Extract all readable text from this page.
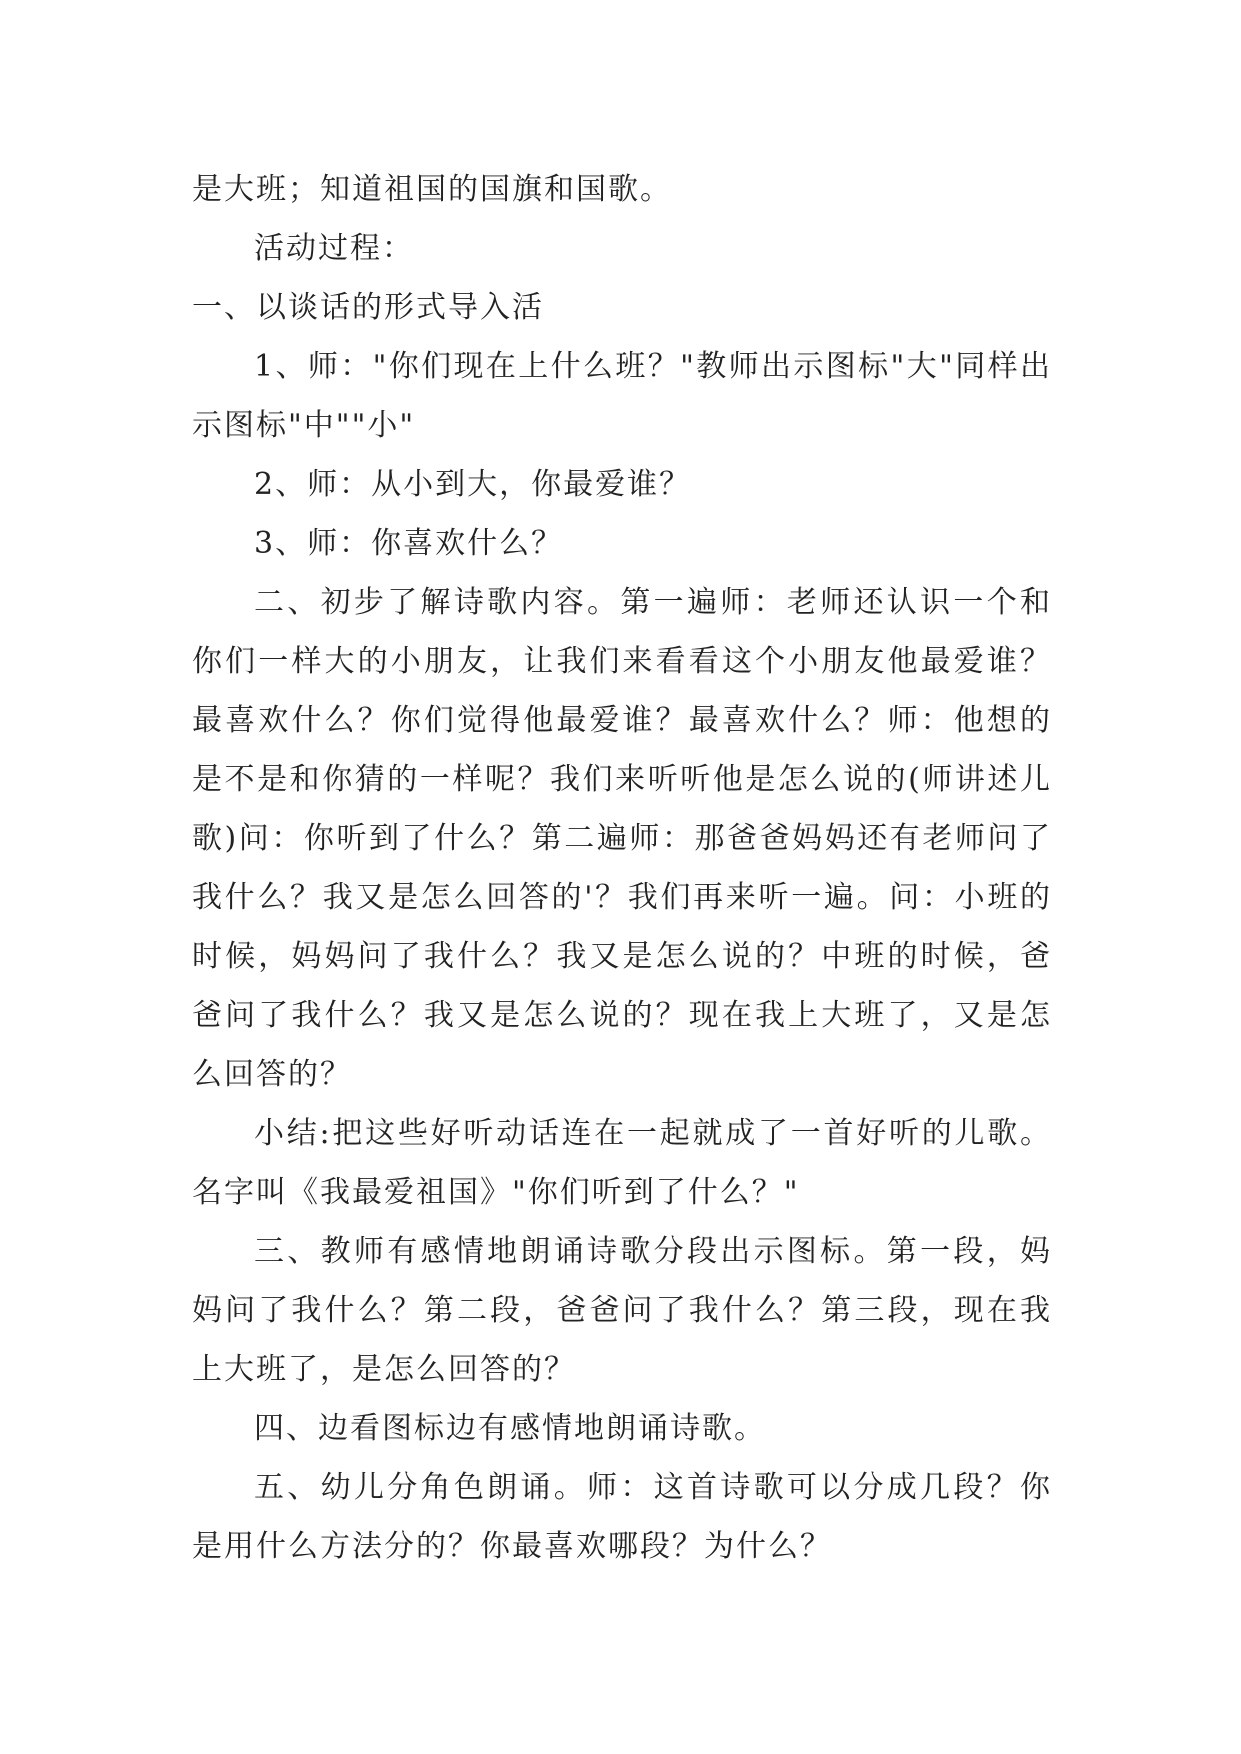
是大班；知道祖国的国旗和国歌。

活动过程：

一、以谈话的形式导入活

1、师："你们现在上什么班？"教师出示图标"大"同样出示图标"中""小"

2、师：从小到大，你最爱谁？

3、师：你喜欢什么？

二、初步了解诗歌内容。第一遍师：老师还认识一个和你们一样大的小朋友，让我们来看看这个小朋友他最爱谁？最喜欢什么？你们觉得他最爱谁？最喜欢什么？师：他想的是不是和你猜的一样呢？我们来听听他是怎么说的(师讲述儿歌)问：你听到了什么？第二遍师：那爸爸妈妈还有老师问了我什么？我又是怎么回答的'？我们再来听一遍。问：小班的时候，妈妈问了我什么？我又是怎么说的？中班的时候，爸爸问了我什么？我又是怎么说的？现在我上大班了，又是怎么回答的？

小结:把这些好听动话连在一起就成了一首好听的儿歌。名字叫《我最爱祖国》"你们听到了什么？"

三、教师有感情地朗诵诗歌分段出示图标。第一段，妈妈问了我什么？第二段，爸爸问了我什么？第三段，现在我上大班了，是怎么回答的？

四、边看图标边有感情地朗诵诗歌。

五、幼儿分角色朗诵。师：这首诗歌可以分成几段？你是用什么方法分的？你最喜欢哪段？为什么？
